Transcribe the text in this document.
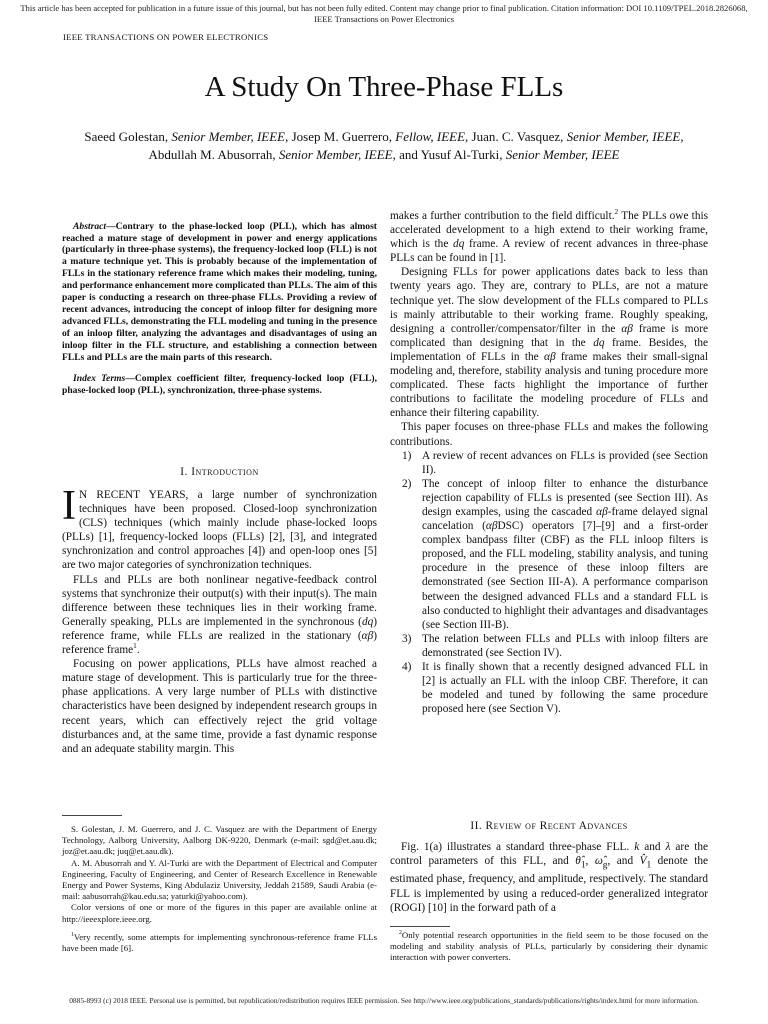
This article has been accepted for publication in a future issue of this journal, but has not been fully edited. Content may change prior to final publication. Citation information: DOI 10.1109/TPEL.2018.2826068, IEEE Transactions on Power Electronics
IEEE TRANSACTIONS ON POWER ELECTRONICS
A Study On Three-Phase FLLs
Saeed Golestan, Senior Member, IEEE, Josep M. Guerrero, Fellow, IEEE, Juan. C. Vasquez, Senior Member, IEEE, Abdullah M. Abusorrah, Senior Member, IEEE, and Yusuf Al-Turki, Senior Member, IEEE

Abstract—Contrary to the phase-locked loop (PLL), which has almost reached a mature stage of development in power and energy applications (particularly in three-phase systems), the frequency-locked loop (FLL) is not a mature technique yet. This is probably because of the implementation of FLLs in the stationary reference frame which makes their modeling, tuning, and performance enhancement more complicated than PLLs. The aim of this paper is conducting a research on three-phase FLLs. Providing a review of recent advances, introducing the concept of inloop filter for designing more advanced FLLs, demonstrating the FLL modeling and tuning in the presence of an inloop filter, analyzing the advantages and disadvantages of using an inloop filter in the FLL structure, and establishing a connection between FLLs and PLLs are the main parts of this research.

Index Terms—Complex coefficient filter, frequency-locked loop (FLL), phase-locked loop (PLL), synchronization, three-phase systems.

I. Introduction

I N RECENT YEARS, a large number of synchronization techniques have been proposed. Closed-loop synchronization (CLS) techniques (which mainly include phase-locked loops (PLLs) [1], frequency-locked loops (FLLs) [2], [3], and integrated synchronization and control approaches [4]) and open-loop ones [5] are two major categories of synchronization techniques.

FLLs and PLLs are both nonlinear negative-feedback control systems that synchronize their output(s) with their input(s). The main difference between these techniques lies in their working frame. Generally speaking, PLLs are implemented in the synchronous (dq) reference frame, while FLLs are realized in the stationary (αβ) reference frame$^1$.

Focusing on power applications, PLLs have almost reached a mature stage of development. This is particularly true for the three-phase applications. A very large number of PLLs with distinctive characteristics have been designed by independent research groups in recent years, which can effectively reject the grid voltage disturbances and, at the same time, provide a fast dynamic response and an adequate stability margin. This

S. Golestan, J. M. Guerrero, and J. C. Vasquez are with the Department of Energy Technology, Aalborg University, Aalborg DK-9220, Denmark (e-mail: sgd@et.aau.dk; joz@et.aau.dk; juq@et.aau.dk).

A. M. Abusorrah and Y. Al-Turki are with the Department of Electrical and Computer Engineering, Faculty of Engineering, and Center of Research Excellence in Renewable Energy and Power Systems, King Abdulaziz University, Jeddah 21589, Saudi Arabia (e-mail: aabusorrah@kau.edu.sa; yaturki@yahoo.com).

Color versions of one or more of the figures in this paper are available online at http://ieeexplore.ieee.org.

$^1$Very recently, some attempts for implementing synchronous-reference frame FLLs have been made [6].

makes a further contribution to the field difficult.$^2$ The PLLs owe this accelerated development to a high extend to their working frame, which is the dq frame. A review of recent advances in three-phase PLLs can be found in [1].

Designing FLLs for power applications dates back to less than twenty years ago. They are, contrary to PLLs, are not a mature technique yet. The slow development of the FLLs compared to PLLs is mainly attributable to their working frame. Roughly speaking, designing a controller/compensator/filter in the αβ frame is more complicated than designing that in the dq frame. Besides, the implementation of FLLs in the αβ frame makes their small-signal modeling and, therefore, stability analysis and tuning procedure more complicated. These facts highlight the importance of further contributions to facilitate the modeling procedure of FLLs and enhance their filtering capability.

This paper focuses on three-phase FLLs and makes the following contributions.

1) A review of recent advances on FLLs is provided (see Section II).
2) The concept of inloop filter to enhance the disturbance rejection capability of FLLs is presented (see Section III). As design examples, using the cascaded αβ-frame delayed signal cancelation (αβDSC) operators [7]–[9] and a first-order complex bandpass filter (CBF) as the FLL inloop filters is proposed, and the FLL modeling, stability analysis, and tuning procedure in the presence of these inloop filters are demonstrated (see Section III-A). A performance comparison between the designed advanced FLLs and a standard FLL is also conducted to highlight their advantages and disadvantages (see Section III-B).
3) The relation between FLLs and PLLs with inloop filters are demonstrated (see Section IV).
4) It is finally shown that a recently designed advanced FLL in [2] is actually an FLL with the inloop CBF. Therefore, it can be modeled and tuned by following the same procedure proposed here (see Section V).
II. Review of Recent Advances

Fig. 1(a) illustrates a standard three-phase FLL. k and λ are the control parameters of this FLL, and $\thetâ_1$, $\omegâ_g$, and $V̂_1$ denote the estimated phase, frequency, and amplitude, respectively. The standard FLL is implemented by using a reduced-order generalized integrator (ROGI) [10] in the forward path of a

$^2$Only potential research opportunities in the field seem to be those focused on the modeling and stability analysis of PLLs, particularly by considering their dynamic interaction with power converters.

0885-8993 (c) 2018 IEEE. Personal use is permitted, but republication/redistribution requires IEEE permission. See http://www.ieee.org/publications_standards/publications/rights/index.html for more information.
